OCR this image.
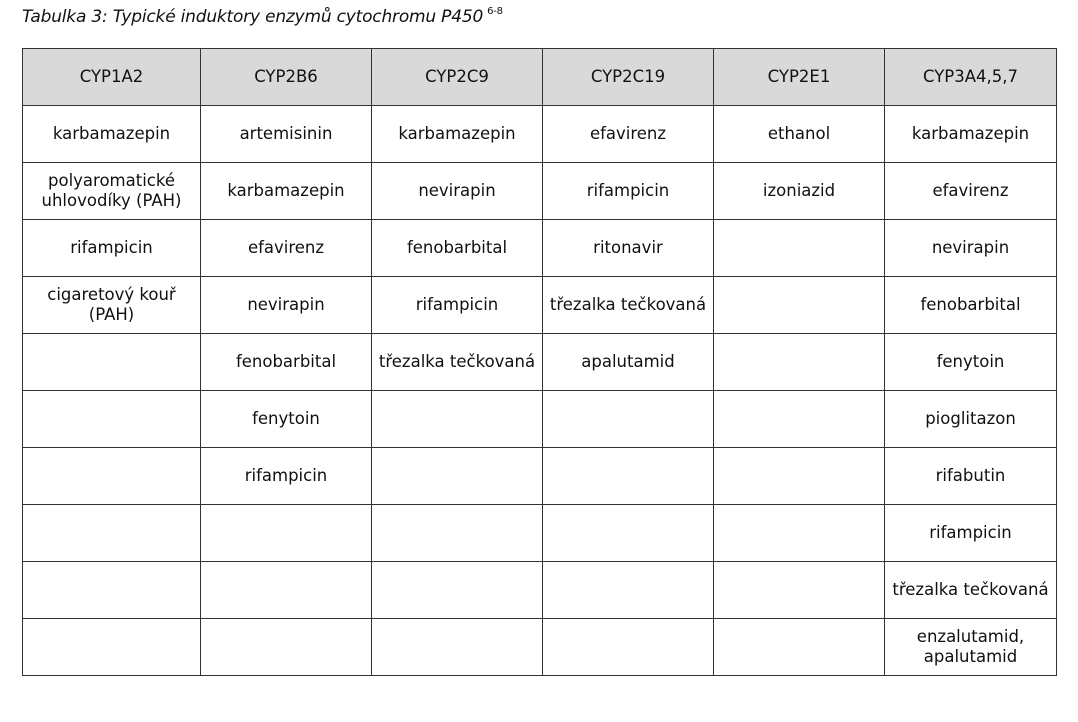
Tabulka 3: Typické induktory enzymů cytochromu P450 $^{6-8}$
CYP1A2	CYP2B6	CYP2C9	CYP2C19	CYP2E1	CYP3A4,5,7
karbamazepin	artemisinin	karbamazepin	efavirenz	ethanol	karbamazepin
polyaromatické uhlovodíky (PAH)	karbamazepin	nevirapin	rifampicin	izoniazid	efavirenz
rifampicin	efavirenz	fenobarbital	ritonavir		nevirapin
cigaretový kouř (PAH)	nevirapin	rifampicin	třezalka tečkovaná		fenobarbital
	fenobarbital	třezalka tečkovaná	apalutamid		fenytoin
	fenytoin				pioglitazon
	rifampicin				rifabutin
					rifampicin
					třezalka tečkovaná
					enzalutamid, apalutamid
